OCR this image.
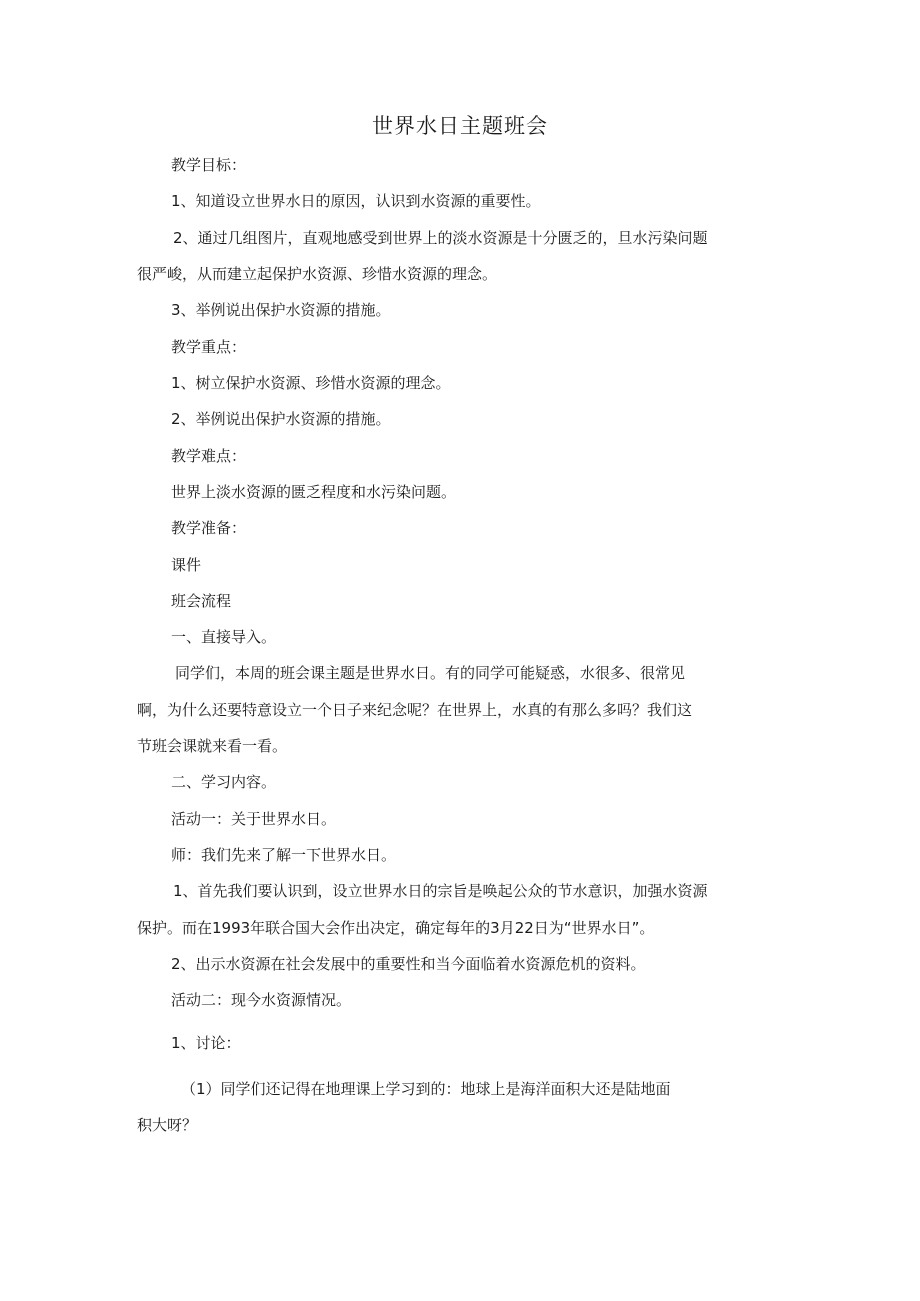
世界水日主题班会
教学目标：
1、知道设立世界水日的原因，认识到水资源的重要性。
2、通过几组图片，直观地感受到世界上的淡水资源是十分匮乏的，旦水污染问题
很严峻，从而建立起保护水资源、珍惜水资源的理念。
3、举例说出保护水资源的措施。
教学重点：
1、树立保护水资源、珍惜水资源的理念。
2、举例说出保护水资源的措施。
教学难点：
世界上淡水资源的匮乏程度和水污染问题。
教学准备：
课件
班会流程
一、直接导入。
同学们，本周的班会课主题是世界水日。有的同学可能疑惑，水很多、很常见
啊，为什么还要特意设立一个日子来纪念呢？在世界上，水真的有那么多吗？我们这
节班会课就来看一看。
二、学习内容。
活动一：关于世界水日。
师：我们先来了解一下世界水日。
1、首先我们要认识到，设立世界水日的宗旨是唤起公众的节水意识，加强水资源
保护。而在1993年联合国大会作出决定，确定每年的3月22日为“世界水日”。
2、出示水资源在社会发展中的重要性和当今面临着水资源危机的资料。
活动二：现今水资源情况。
1、讨论：
（1）同学们还记得在地理课上学习到的：地球上是海洋面积大还是陆地面
积大呀？
